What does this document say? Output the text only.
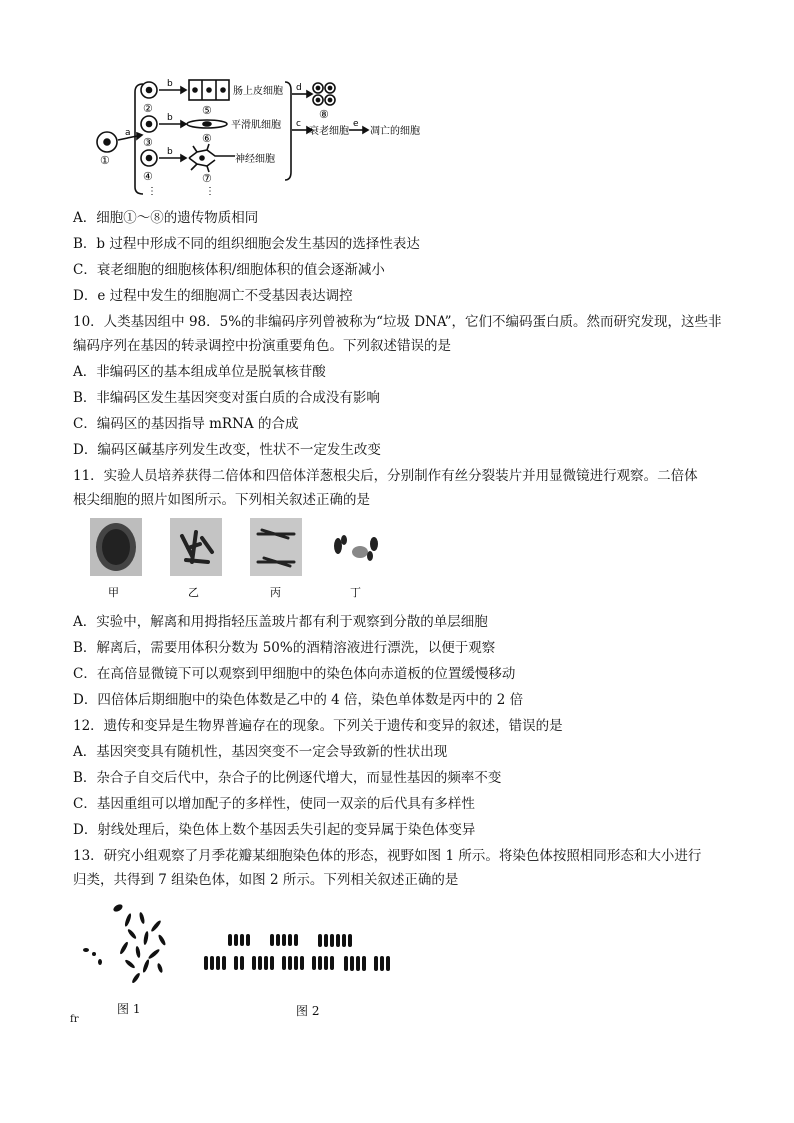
a
b
b
b
d
c	e
肠上皮细胞
平滑肌细胞
神经细胞
衰老细胞 凋亡的细胞
①
②
③
④
⑤
⑥
⑦
⑧
⋮	⋮
A．细胞①～⑧的遗传物质相同
B．b 过程中形成不同的组织细胞会发生基因的选择性表达
C．衰老细胞的细胞核体积/细胞体积的值会逐渐减小
D．e 过程中发生的细胞凋亡不受基因表达调控
10．人类基因组中 98．5%的非编码序列曾被称为“垃圾 DNA”，它们不编码蛋白质。然而研究发现，这些非
编码序列在基因的转录调控中扮演重要角色。下列叙述错误的是
A．非编码区的基本组成单位是脱氧核苷酸
B．非编码区发生基因突变对蛋白质的合成没有影响
C．编码区的基因指导 mRNA 的合成
D．编码区碱基序列发生改变，性状不一定发生改变
11．实验人员培养获得二倍体和四倍体洋葱根尖后，分别制作有丝分裂装片并用显微镜进行观察。二倍体
根尖细胞的照片如图所示。下列相关叙述正确的是
甲	乙	丙	丁
A．实验中，解离和用拇指轻压盖玻片都有利于观察到分散的单层细胞
B．解离后，需要用体积分数为 50%的酒精溶液进行漂洗，以便于观察
C．在高倍显微镜下可以观察到甲细胞中的染色体向赤道板的位置缓慢移动
D．四倍体后期细胞中的染色体数是乙中的 4 倍，染色单体数是丙中的 2 倍
12．遗传和变异是生物界普遍存在的现象。下列关于遗传和变异的叙述，错误的是
A．基因突变具有随机性，基因突变不一定会导致新的性状出现
B．杂合子自交后代中，杂合子的比例逐代增大，而显性基因的频率不变
C．基因重组可以增加配子的多样性，使同一双亲的后代具有多样性
D．射线处理后，染色体上数个基因丢失引起的变异属于染色体变异
13．研究小组观察了月季花瓣某细胞染色体的形态，视野如图 1 所示。将染色体按照相同形态和大小进行
归类，共得到 7 组染色体，如图 2 所示。下列相关叙述正确的是
图 1	图 2
fr
